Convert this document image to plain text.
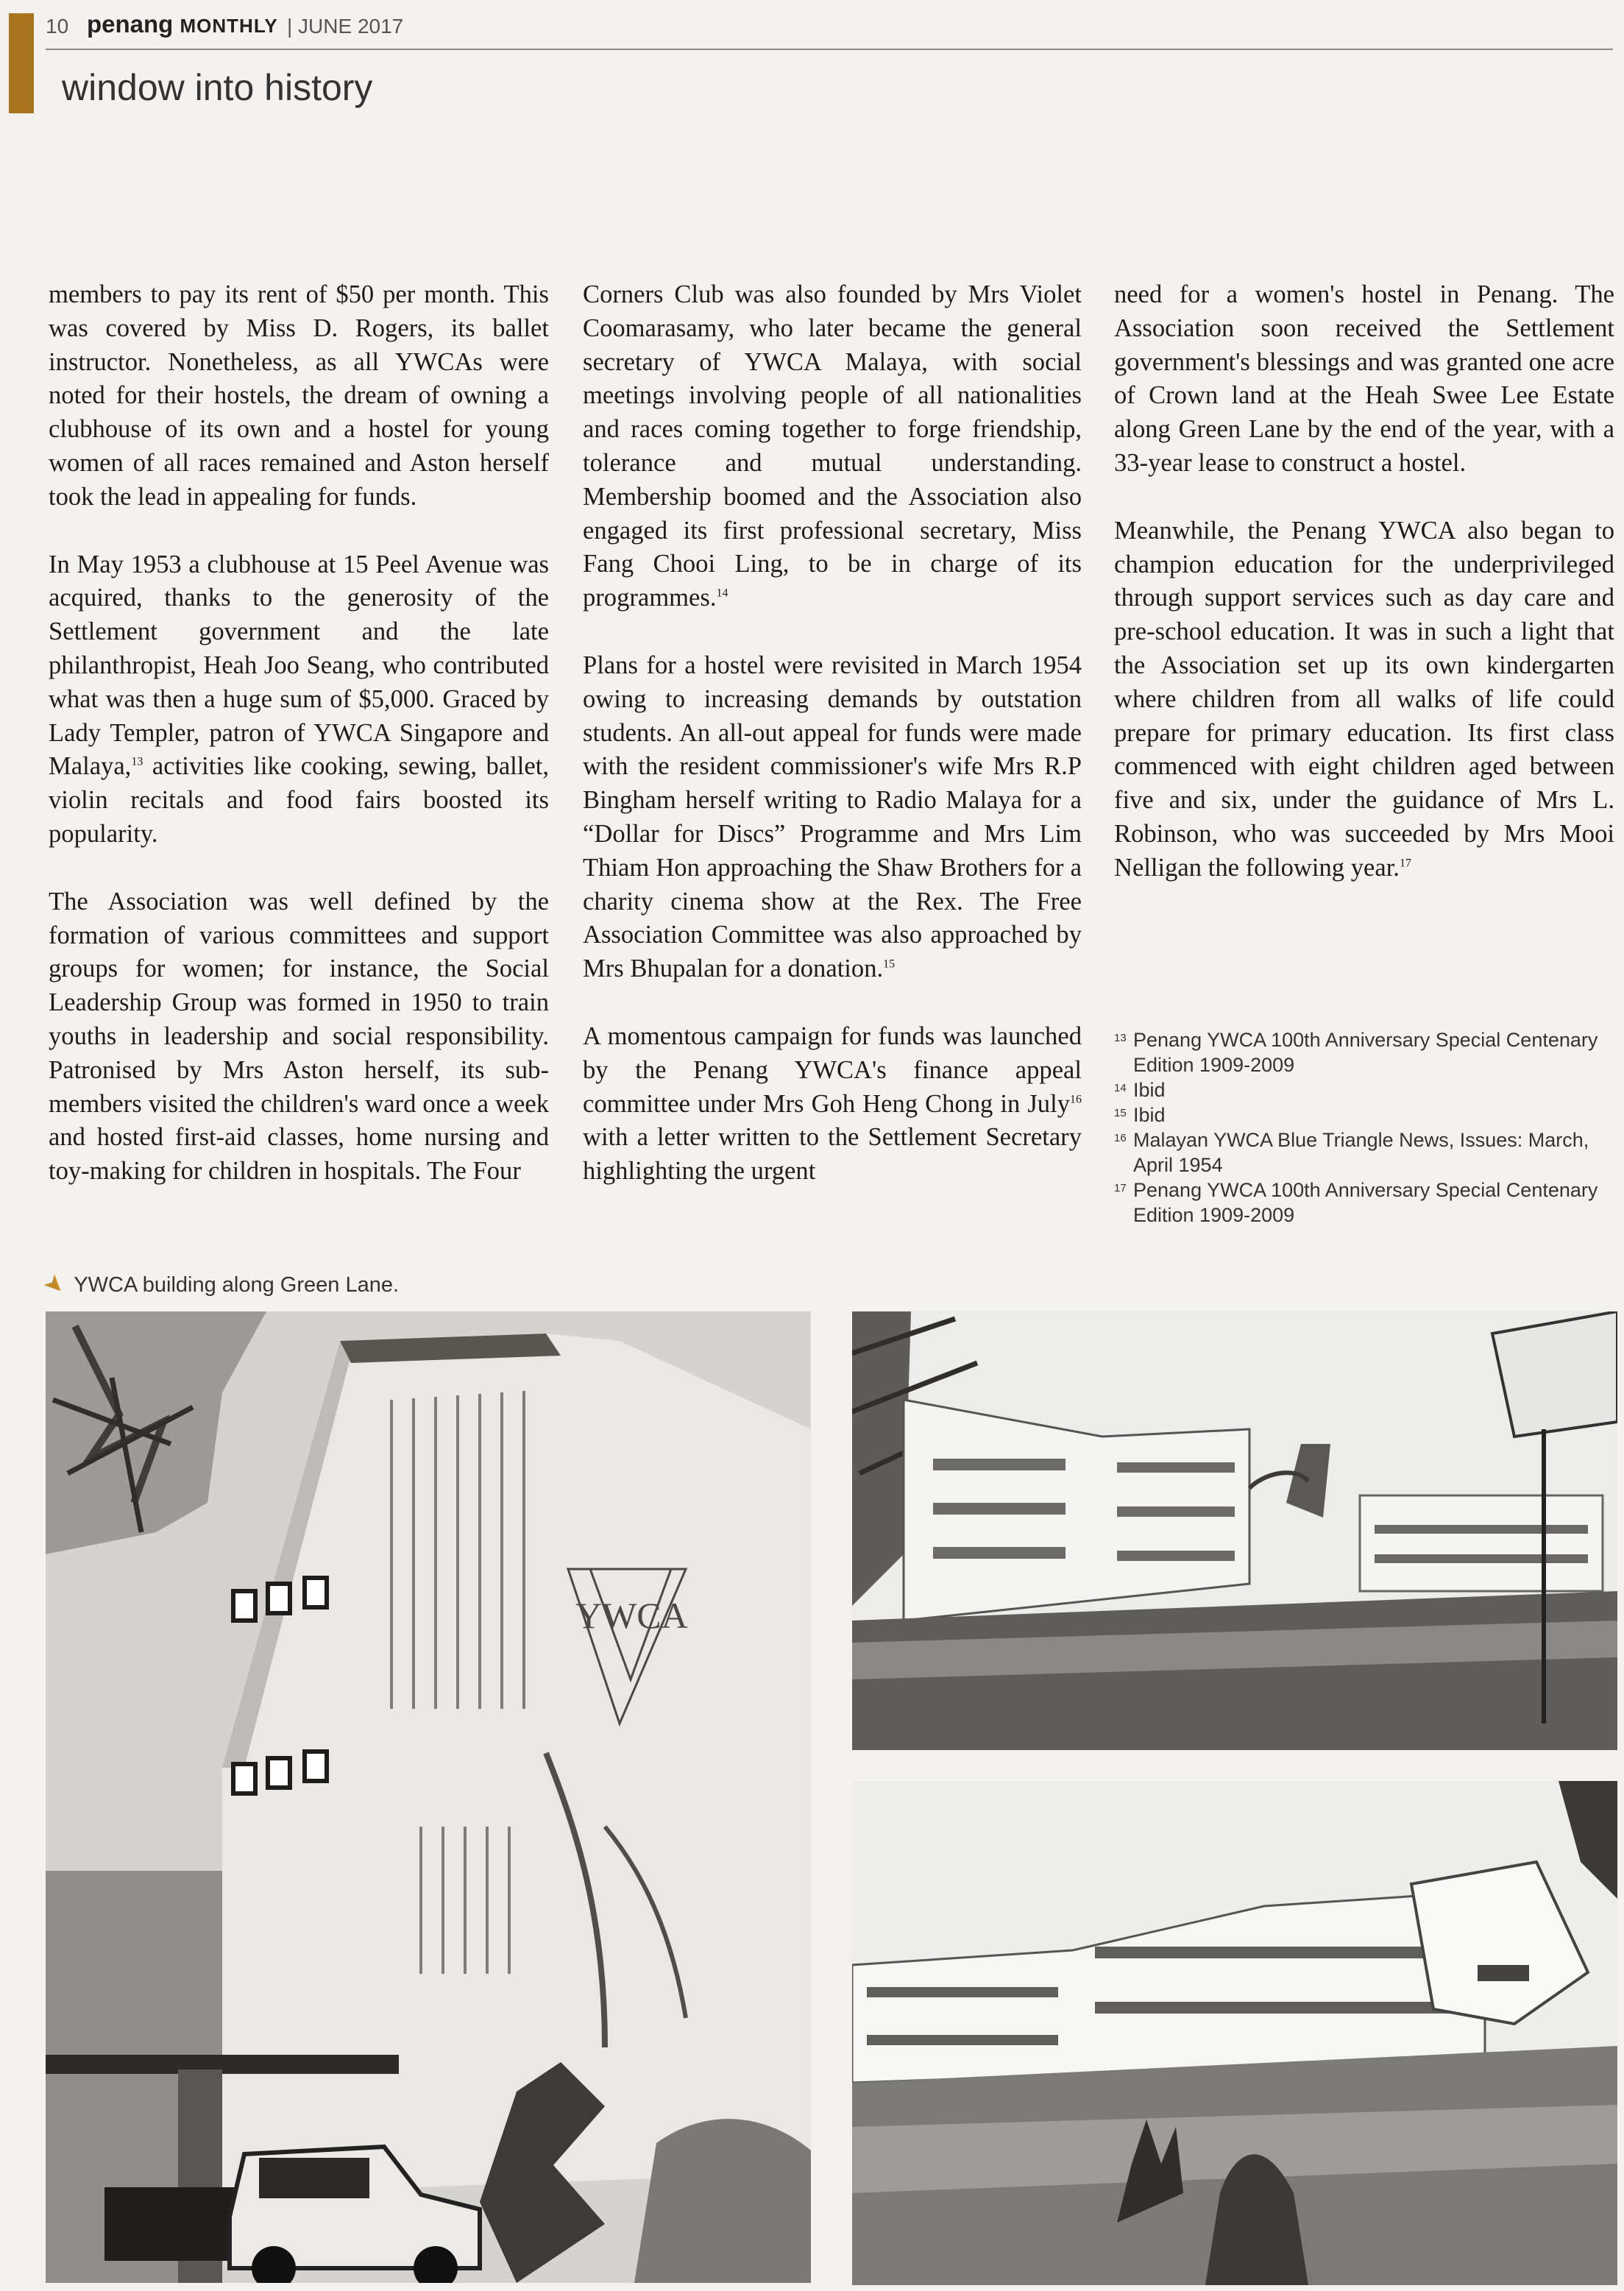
10 penang MONTHLY | JUNE 2017
window into history

members to pay its rent of $50 per month. This was covered by Miss D. Rogers, its ballet instructor. Nonetheless, as all YWCAs were noted for their hostels, the dream of owning a clubhouse of its own and a hostel for young women of all races remained and Aston herself took the lead in appealing for funds.

In May 1953 a clubhouse at 15 Peel Avenue was acquired, thanks to the generosity of the Settlement government and the late philanthropist, Heah Joo Seang, who contributed what was then a huge sum of $5,000. Graced by Lady Templer, patron of YWCA Singapore and Malaya,$^{13}$ activities like cooking, sewing, ballet, violin recitals and food fairs boosted its popularity.

The Association was well defined by the formation of various committees and support groups for women; for instance, the Social Leadership Group was formed in 1950 to train youths in leadership and social responsibility. Patronised by Mrs Aston herself, its sub-members visited the children's ward once a week and hosted first-aid classes, home nursing and toy-making for children in hospitals. The Four

Corners Club was also founded by Mrs Violet Coomarasamy, who later became the general secretary of YWCA Malaya, with social meetings involving people of all nationalities and races coming together to forge friendship, tolerance and mutual understanding. Membership boomed and the Association also engaged its first professional secretary, Miss Fang Chooi Ling, to be in charge of its programmes.$^{14}$

Plans for a hostel were revisited in March 1954 owing to increasing demands by outstation students. An all-out appeal for funds were made with the resident commissioner's wife Mrs R.P Bingham herself writing to Radio Malaya for a “Dollar for Discs” Programme and Mrs Lim Thiam Hon approaching the Shaw Brothers for a charity cinema show at the Rex. The Free Association Committee was also approached by Mrs Bhupalan for a donation.$^{15}$

A momentous campaign for funds was launched by the Penang YWCA's finance appeal committee under Mrs Goh Heng Chong in July$^{16}$ with a letter written to the Settlement Secretary highlighting the urgent

need for a women's hostel in Penang. The Association soon received the Settlement government's blessings and was granted one acre of Crown land at the Heah Swee Lee Estate along Green Lane by the end of the year, with a 33-year lease to construct a hostel.

Meanwhile, the Penang YWCA also began to champion education for the underprivileged through support services such as day care and pre-school education. It was in such a light that the Association set up its own kindergarten where children from all walks of life could prepare for primary education. Its first class commenced with eight children aged between five and six, under the guidance of Mrs L. Robinson, who was succeeded by Mrs Mooi Nelligan the following year.$^{17}$

13 Penang YWCA 100th Anniversary Special Centenary Edition 1909-2009
14 Ibid
15 Ibid
16 Malayan YWCA Blue Triangle News, Issues: March, April 1954
17 Penang YWCA 100th Anniversary Special Centenary Edition 1909-2009
➤ YWCA building along Green Lane.
YWCA
